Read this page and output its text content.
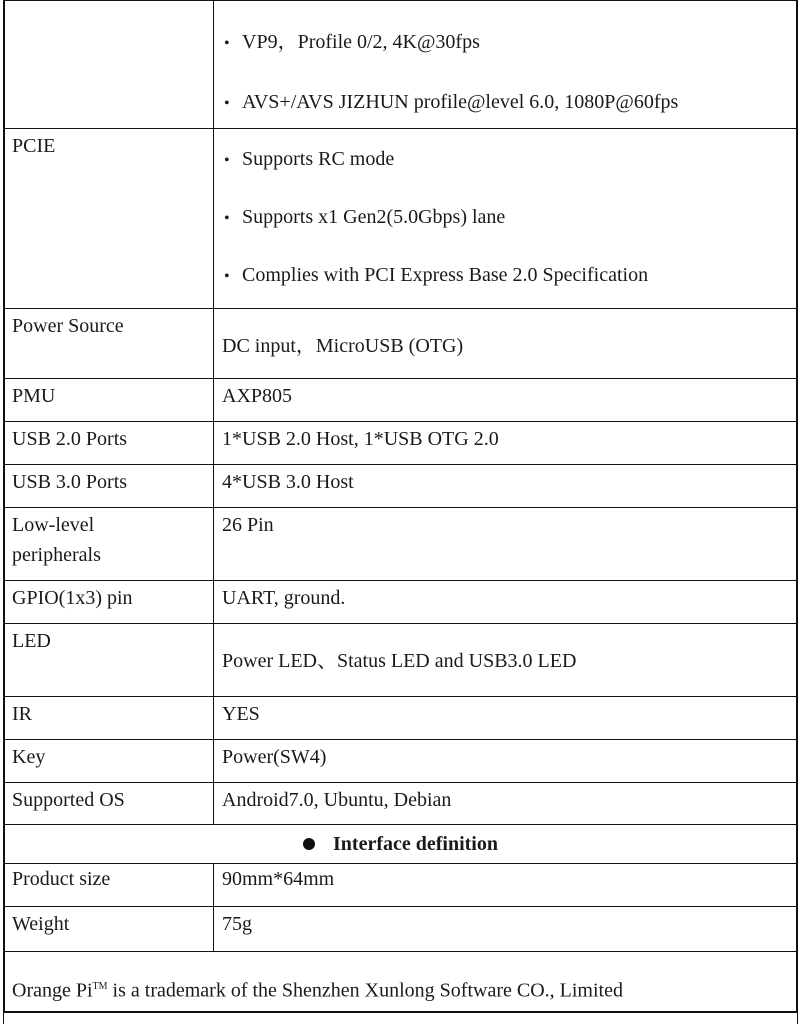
	• VP9，Profile 0/2, 4K@30fps
• AVS+/AVS JIZHUN profile@level 6.0, 1080P@60fps

PCIE	• Supports RC mode
• Supports x1 Gen2(5.0Gbps) lane
• Complies with PCI Express Base 2.0 Specification

Power Source	DC input，MicroUSB (OTG)
PMU	AXP805
USB 2.0 Ports	1*USB 2.0 Host, 1*USB OTG 2.0
USB 3.0 Ports	4*USB 3.0 Host

Low-level
peripherals	26 Pin
GPIO(1x3) pin	UART, ground.
LED	Power LED、Status LED and USB3.0 LED
IR	YES
Key	Power(SW4)
Supported OS	Android7.0, Ubuntu, Debian

Interface definition	

Product size	90mm*64mm
Weight	75g

Orange Pi™ is a trademark of the Shenzhen Xunlong Software CO., Limited	
